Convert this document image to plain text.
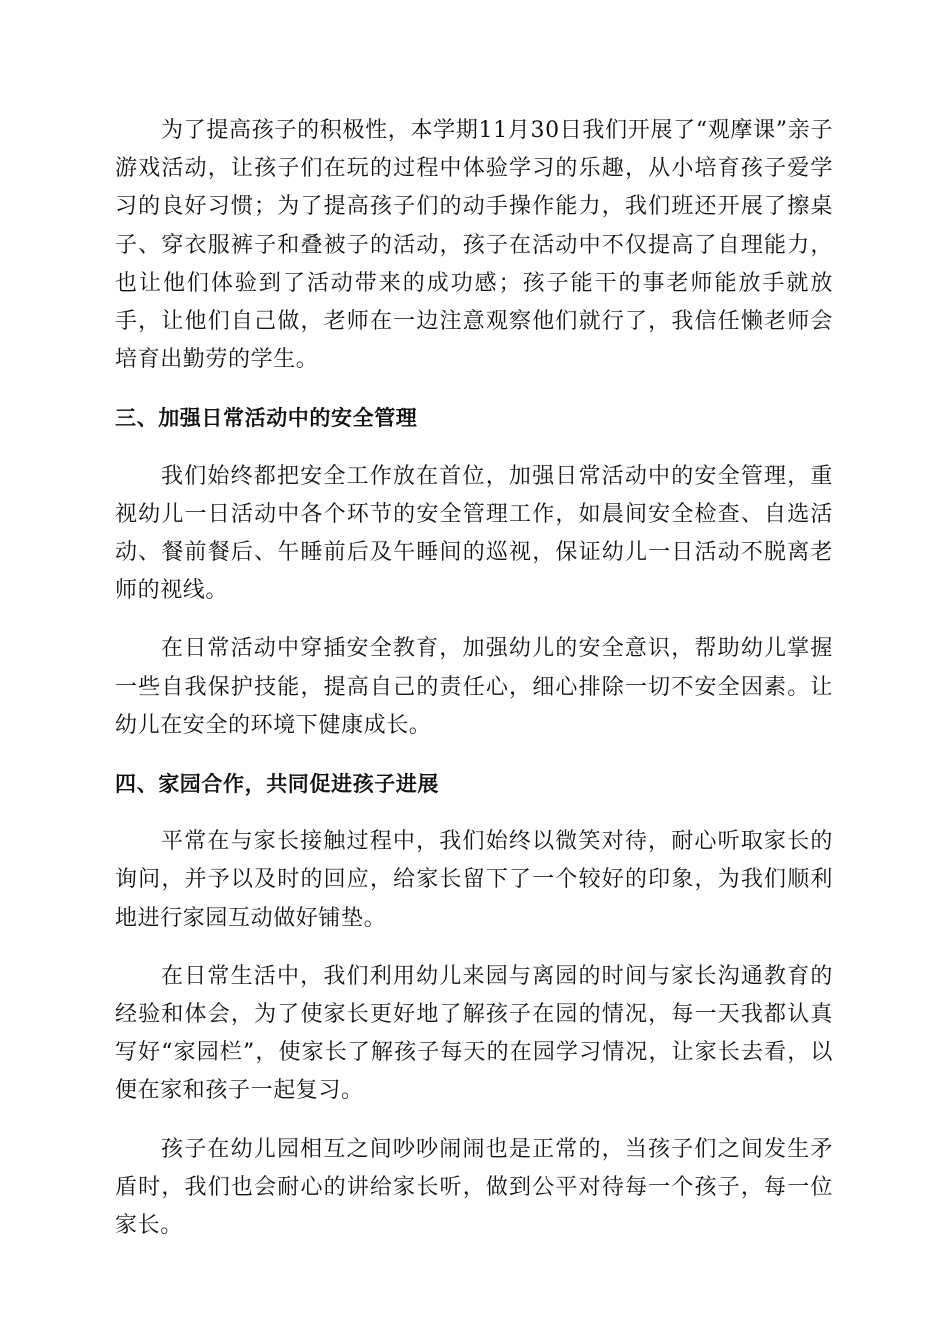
为了提高孩子的积极性，本学期11月30日我们开展了“观摩课”亲子游戏活动，让孩子们在玩的过程中体验学习的乐趣，从小培育孩子爱学习的良好习惯；为了提高孩子们的动手操作能力，我们班还开展了擦桌子、穿衣服裤子和叠被子的活动，孩子在活动中不仅提高了自理能力，也让他们体验到了活动带来的成功感；孩子能干的事老师能放手就放手，让他们自己做，老师在一边注意观察他们就行了，我信任懒老师会培育出勤劳的学生。

三、加强日常活动中的安全管理

我们始终都把安全工作放在首位，加强日常活动中的安全管理，重视幼儿一日活动中各个环节的安全管理工作，如晨间安全检查、自选活动、餐前餐后、午睡前后及午睡间的巡视，保证幼儿一日活动不脱离老师的视线。

在日常活动中穿插安全教育，加强幼儿的安全意识，帮助幼儿掌握一些自我保护技能，提高自己的责任心，细心排除一切不安全因素。让幼儿在安全的环境下健康成长。

四、家园合作，共同促进孩子进展

平常在与家长接触过程中，我们始终以微笑对待，耐心听取家长的询问，并予以及时的回应，给家长留下了一个较好的印象，为我们顺利地进行家园互动做好铺垫。

在日常生活中，我们利用幼儿来园与离园的时间与家长沟通教育的经验和体会，为了使家长更好地了解孩子在园的情况，每一天我都认真写好“家园栏”，使家长了解孩子每天的在园学习情况，让家长去看，以便在家和孩子一起复习。

孩子在幼儿园相互之间吵吵闹闹也是正常的，当孩子们之间发生矛盾时，我们也会耐心的讲给家长听，做到公平对待每一个孩子，每一位家长。
